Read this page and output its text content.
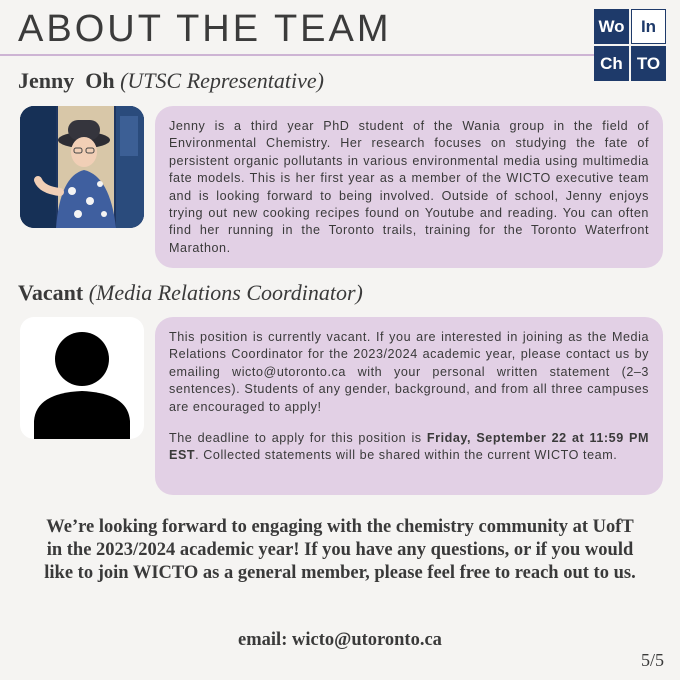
ABOUT THE TEAM	Wo In
Ch TO
Jenny  Oh (UTSC Representative)
Jenny is a third year PhD student of the Wania group in the field of Environmental Chemistry. Her research focuses on studying the fate of persistent organic pollutants in various environmental media using multimedia fate models. This is her first year as a member of the WICTO executive team and is looking forward to being involved. Outside of school, Jenny enjoys trying out new cooking recipes found on Youtube and reading. You can often find her running in the Toronto trails, training for the Toronto Waterfront Marathon.
Vacant (Media Relations Coordinator)

This position is currently vacant. If you are interested in joining as the Media Relations Coordinator for the 2023/2024 academic year, please contact us by emailing wicto@utoronto.ca with your personal written statement (2–3 sentences). Students of any gender, background, and from all three campuses are encouraged to apply!

The deadline to apply for this position is Friday, September 22 at 11:59 PM EST. Collected statements will be shared within the current WICTO team.

We’re looking forward to engaging with the chemistry community at UofT in the 2023/2024 academic year! If you have any questions, or if you would like to join WICTO as a general member, please feel free to reach out to us.
email: wicto@utoronto.ca
5/5
